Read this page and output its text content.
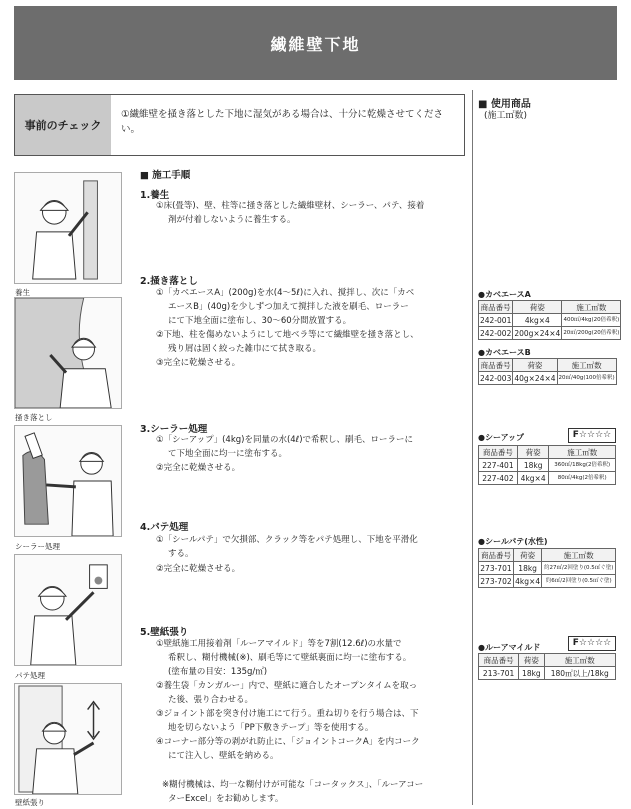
繊維壁下地
事前のチェック
①繊維壁を掻き落とした下地に湿気がある場合は、十分に乾燥させてください。
■ 使用商品
(施工㎡数)
養生
掻き落とし
シーラー処理
パテ処理
壁紙張り
■ 施工手順
1.養生
①床(畳等)、壁、柱等に掻き落とした繊維壁材、シーラー、パテ、接着
剤が付着しないように養生する。
2.掻き落とし
①「カベエースA」(200g)を水(4～5ℓ)に入れ、撹拌し、次に「カベ
エースB」(40g)を少しずつ加えて撹拌した液を刷毛、ローラー
にて下地全面に塗布し、30～60分間放置する。
②下地、柱を傷めないようにして地ベラ等にて繊維壁を掻き落とし、
残り屑は固く絞った雑巾にて拭き取る。
③完全に乾燥させる。
3.シーラー処理
①「シーアップ」(4kg)を同量の水(4ℓ)で希釈し、刷毛、ローラーに
て下地全面に均一に塗布する。
②完全に乾燥させる。
4.パテ処理
①「シールパテ」で欠損部、クラック等をパテ処理し、下地を平滑化
する。
②完全に乾燥させる。
5.壁紙張り
①壁紙施工用接着剤「ルーアマイルド」等を7割(12.6ℓ)の水量で
希釈し、糊付機械(※)、刷毛等にて壁紙裏面に均一に塗布する。
(塗布量の目安：135g/㎡)
②養生袋「カンガルー」内で、壁紙に適合したオープンタイムを取っ
た後、張り合わせる。
③ジョイント部を突き付け施工にて行う。重ね切りを行う場合は、下
地を切らないよう「PP下敷きテープ」等を使用する。
④コーナー部分等の剥がれ防止に、「ジョイントコークA」を内コーク
にて注入し、壁紙を納める。
※糊付機械は、均一な糊付けが可能な「コータックス」、「ルーアコー
ターExcel」をお勧めします。
●カベエースA
商品番号	荷姿	施工㎡数
242-001	4kg×4	400㎡/4kg(20倍希釈)
242-002	200g×24×4	20㎡/200g(20倍希釈)
●カベエースB
商品番号	荷姿	施工㎡数
242-003	40g×24×4	20㎡/40g(100倍希釈)
●シーアップ	F☆☆☆☆
商品番号	荷姿	施工㎡数
227-401	18kg	360㎡/18kg(2倍希釈)
227-402	4kg×4	80㎡/4kg(2倍希釈)
●シールパテ(水性)
商品番号	荷姿	施工㎡数
273-701	18kg	約27㎡/2回塗り(0.5㎡ぐ塗)
273-702	4kg×4	約6㎡/2回塗り(0.5㎡ぐ塗)
●ルーアマイルド	F☆☆☆☆
商品番号	荷姿	施工㎡数
213-701	18kg	180㎡以上/18kg
